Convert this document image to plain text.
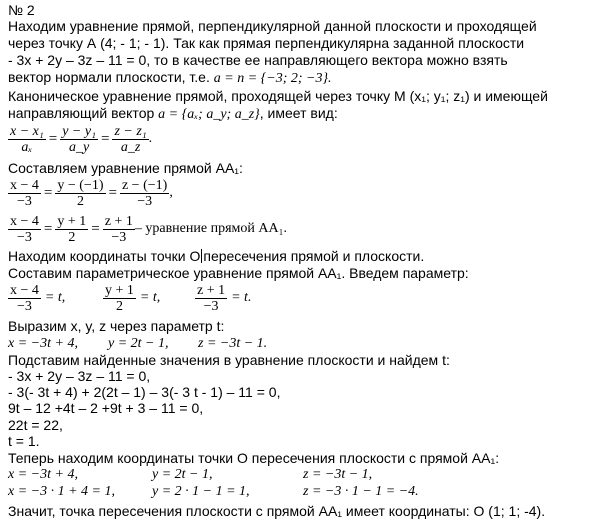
№ 2
Находим уравнение прямой, перпендикулярной данной плоскости и проходящей
через точку А (4; - 1; - 1). Так как прямая перпендикулярна заданной плоскости
- 3x + 2y – 3z – 11 = 0, то в качестве ее направляющего вектора можно взять
вектор нормали плоскости, т.е. a = n = {−3; 2; −3}.
Каноническое уравнение прямой, проходящей через точку М (x₁; y₁; z₁) и имеющей
направляющий вектор a = {aₓ; a_y; a_z}, имеет вид:
$\frac{\text{x − x₁}}{\text{aₓ}} = \frac{\text{y − y₁}}{a\_y} = \frac{\text{z − z₁}}{a\_z}$ .
Составляем уравнение прямой АА₁:
$\frac{x - 4}{-3} = \frac{y - (-1)}{2} = \frac{z - (-1)}{-3}$ ,
$\frac{x - 4}{-3} = \frac{y + 1}{2} = \frac{z + 1}{-3}$ – уравнение прямой АА₁.
Находим координаты точки О пересечения прямой и плоскости.
Составим параметрическое уравнение прямой АА₁. Введем параметр:
$\frac{x - 4}{-3} = t$,	$\frac{y + 1}{2} = t$, $\frac{z + 1}{-3} = t$.
Выразим x, y, z через параметр t:
x = −3t + 4, y = 2t − 1, z = −3t − 1.
Подставим найденные значения в уравнение плоскости и найдем t:
- 3x + 2y – 3z – 11 = 0,
- 3(- 3t + 4) + 2(2t – 1) – 3(- 3 t - 1) – 11 = 0,
9t – 12 +4t – 2 +9t + 3 – 11 = 0,
22t = 22,
t = 1.
Теперь находим координаты точки О пересечения плоскости с прямой АА₁:
x = −3t + 4,	y = 2t − 1,	z = −3t − 1,
x = −3 · 1 + 4 = 1,	y = 2 · 1 − 1 = 1,	z = −3 · 1 − 1 = −4.
Значит, точка пересечения плоскости с прямой АА₁ имеет координаты: О (1; 1; -4).
